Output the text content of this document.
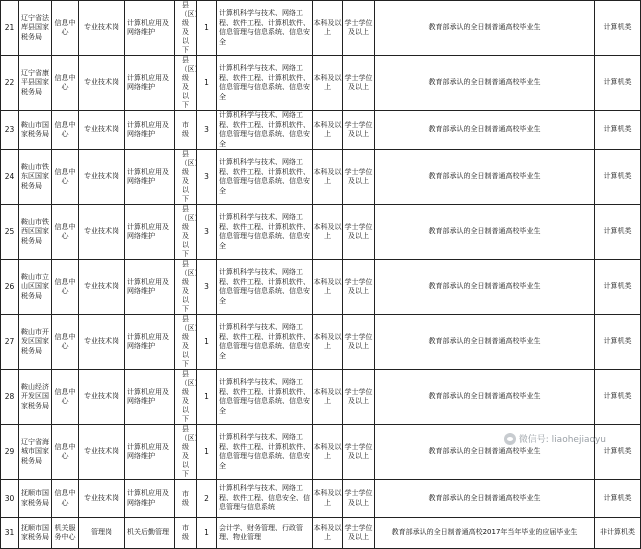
21	辽宁省法库县国家税务局	信息中心	专业技术岗	计算机应用及网络维护	县（区）级及以下	1	计算机科学与技术、网络工程、软件工程、计算机软件、信息管理与信息系统、信息安全	本科及以上	学士学位及以上	教育部承认的全日制普通高校毕业生	计算机类
22	辽宁省康平县国家税务局	信息中心	专业技术岗	计算机应用及网络维护	县（区）级及以下	1	计算机科学与技术、网络工程、软件工程、计算机软件、信息管理与信息系统、信息安全	本科及以上	学士学位及以上	教育部承认的全日制普通高校毕业生	计算机类
23	鞍山市国家税务局	信息中心	专业技术岗	计算机应用及网络维护	市级	3	计算机科学与技术、网络工程、软件工程、计算机软件、信息管理与信息系统、信息安全	本科及以上	学士学位及以上	教育部承认的全日制普通高校毕业生	计算机类
24	鞍山市铁东区国家税务局	信息中心	专业技术岗	计算机应用及网络维护	县（区）级及以下	3	计算机科学与技术、网络工程、软件工程、计算机软件、信息管理与信息系统、信息安全	本科及以上	学士学位及以上	教育部承认的全日制普通高校毕业生	计算机类
25	鞍山市铁西区国家税务局	信息中心	专业技术岗	计算机应用及网络维护	县（区）级及以下	3	计算机科学与技术、网络工程、软件工程、计算机软件、信息管理与信息系统、信息安全	本科及以上	学士学位及以上	教育部承认的全日制普通高校毕业生	计算机类
26	鞍山市立山区国家税务局	信息中心	专业技术岗	计算机应用及网络维护	县（区）级及以下	3	计算机科学与技术、网络工程、软件工程、计算机软件、信息管理与信息系统、信息安全	本科及以上	学士学位及以上	教育部承认的全日制普通高校毕业生	计算机类
27	鞍山市开发区国家税务局	信息中心	专业技术岗	计算机应用及网络维护	县（区）级及以下	1	计算机科学与技术、网络工程、软件工程、计算机软件、信息管理与信息系统、信息安全	本科及以上	学士学位及以上	教育部承认的全日制普通高校毕业生	计算机类
28	鞍山经济开发区国家税务局	信息中心	专业技术岗	计算机应用及网络维护	县（区）级及以下	1	计算机科学与技术、网络工程、软件工程、计算机软件、信息管理与信息系统、信息安全	本科及以上	学士学位及以上	教育部承认的全日制普通高校毕业生	计算机类
29	辽宁省海城市国家税务局	信息中心	专业技术岗	计算机应用及网络维护	县（区）级及以下	1	计算机科学与技术、网络工程、软件工程、计算机软件、信息管理与信息系统、信息安全	本科及以上	学士学位及以上	教育部承认的全日制普通高校毕业生	计算机类
30	抚顺市国家税务局	信息中心	专业技术岗	计算机应用及网络维护	市级	2	计算机科学与技术、网络工程、软件工程、信息安全、信息管理与信息系统	本科及以上	学士学位及以上	教育部承认的全日制普通高校毕业生	计算机类
31	抚顺市国家税务局	机关服务中心	管理岗	机关后勤管理	市级	1	会计学、财务管理、行政管理、物业管理	本科及以上	学士学位及以上	教育部承认的全日制普通高校2017年当年毕业的应届毕业生	非计算机类
微信号: liaohejiaoyu
